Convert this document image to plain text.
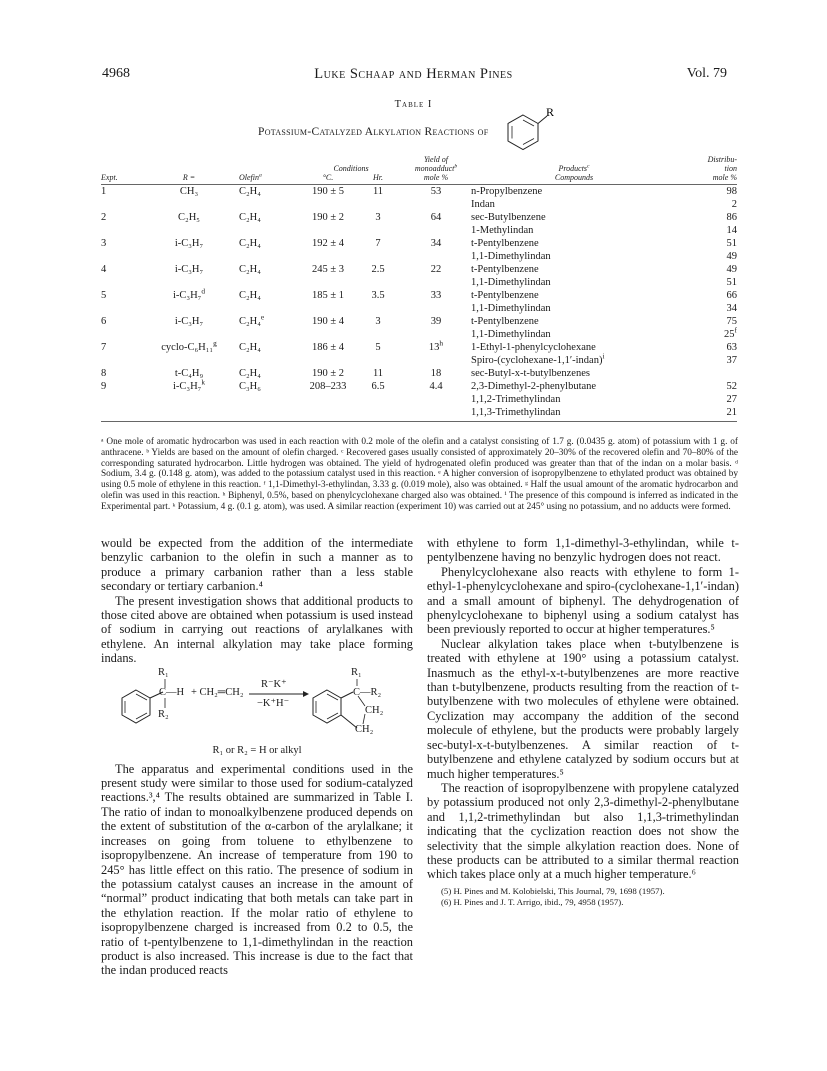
4968	Luke Schaap and Herman Pines	Vol. 79
Table I
Potassium-Catalyzed Alkylation Reactions of
R
			Conditions		Yield of
monoadduct$^b$	Products$^c$	Distribu-
tion
Expt.	R =	Olefin$^a$	°C.	Hr.	mole %	Compounds	mole %

1	CH₃	C₂H₄	190 ± 5	11	53	n-Propylbenzene	98
						Indan	2
2	C₂H₅	C₂H₄	190 ± 2	3	64	sec-Butylbenzene	86
						1-Methylindan	14
3	i-C₃H₇	C₂H₄	192 ± 4	7	34	t-Pentylbenzene	51
						1,1-Dimethylindan	49
4	i-C₃H₇	C₂H₄	245 ± 3	2.5	22	t-Pentylbenzene	49
						1,1-Dimethylindan	51
5	i-C₃H₇$^d$	C₂H₄	185 ± 1	3.5	33	t-Pentylbenzene	66
						1,1-Dimethylindan	34
6	i-C₃H₇	C₂H₄$^e$	190 ± 4	3	39	t-Pentylbenzene	75
						1,1-Dimethylindan	25$^f$
7	cyclo-C₆H₁₁$^g$	C₂H₄	186 ± 4	5	13$^h$	1-Ethyl-1-phenylcyclohexane	63
						Spiro-(cyclohexane-1,1′-indan)$^i$	37
8	t-C₄H₉	C₂H₄	190 ± 2	11	18	sec-Butyl-x-t-butylbenzenes	
9	i-C₃H₇$^k$	C₃H₆	208–233	6.5	4.4	2,3-Dimethyl-2-phenylbutane	52
						1,1,2-Trimethylindan	27
						1,1,3-Trimethylindan	21

ᵃ One mole of aromatic hydrocarbon was used in each reaction with 0.2 mole of the olefin and a catalyst consisting of 1.7 g. (0.0435 g. atom) of potassium with 1 g. of anthracene. ᵇ Yields are based on the amount of olefin charged. ᶜ Recovered gases usually consisted of approximately 20–30% of the recovered olefin and 70–80% of the corresponding saturated hydrocarbon. Little hydrogen was obtained. The yield of hydrogenated olefin produced was greater than that of the indan on a molar basis. ᵈ Sodium, 3.4 g. (0.148 g. atom), was added to the potassium catalyst used in this reaction. ᵉ A higher conversion of isopropylbenzene to ethylated product was obtained by using 0.5 mole of ethylene in this reaction. ᶠ 1,1-Dimethyl-3-ethylindan, 3.33 g. (0.019 mole), also was obtained. ᵍ Half the usual amount of the aromatic hydrocarbon and olefin was used in this reaction. ʰ Biphenyl, 0.5%, based on phenylcyclohexane charged also was obtained. ⁱ The presence of this compound is inferred as indicated in the Experimental part. ᵏ Potassium, 4 g. (0.1 g. atom), was used. A similar reaction (experiment 10) was carried out at 245° using no potassium, and no adducts were formed.

would be expected from the addition of the intermediate benzylic carbanion to the olefin in such a manner as to produce a primary carbanion rather than a less stable secondary or tertiary carbanion.⁴

The present investigation shows that additional products to those cited above are obtained when potassium is used instead of sodium in carrying out reactions of arylalkanes with ethylene. An internal alkylation may take place forming indans.

R₁
C—H
R₂
+ CH₂═CH₂
R⁻K⁺
−K⁺H⁻
R₁
C—R₂
CH₂
CH₂
R₁ or R₂ = H or alkyl

The apparatus and experimental conditions used in the present study were similar to those used for sodium-catalyzed reactions.³,⁴ The results obtained are summarized in Table I. The ratio of indan to monoalkylbenzene produced depends on the extent of substitution of the α-carbon of the arylalkane; it increases on going from toluene to ethylbenzene to isopropylbenzene. An increase of temperature from 190 to 245° has little effect on this ratio. The presence of sodium in the potassium catalyst causes an increase in the amount of “normal” product indicating that both metals can take part in the ethylation reaction. If the molar ratio of ethylene to isopropylbenzene charged is increased from 0.2 to 0.5, the ratio of t-pentylbenzene to 1,1-dimethylindan in the reaction product is also increased. This increase is due to the fact that the indan produced reacts

with ethylene to form 1,1-dimethyl-3-ethylindan, while t-pentylbenzene having no benzylic hydrogen does not react.

Phenylcyclohexane also reacts with ethylene to form 1-ethyl-1-phenylcyclohexane and spiro-(cyclohexane-1,1′-indan) and a small amount of biphenyl. The dehydrogenation of phenylcyclohexane to biphenyl using a sodium catalyst has been previously reported to occur at higher temperatures.⁵

Nuclear alkylation takes place when t-butylbenzene is treated with ethylene at 190° using a potassium catalyst. Inasmuch as the ethyl-x-t-butylbenzenes are more reactive than t-butylbenzene, products resulting from the reaction of t-butylbenzene with two molecules of ethylene were obtained. Cyclization may accompany the addition of the second molecule of ethylene, but the products were probably largely sec-butyl-x-t-butylbenzenes. A similar reaction of t-butylbenzene and ethylene catalyzed by sodium occurs but at much higher temperatures.⁵

The reaction of isopropylbenzene with propylene catalyzed by potassium produced not only 2,3-dimethyl-2-phenylbutane and 1,1,2-trimethylindan but also 1,1,3-trimethylindan indicating that the cyclization reaction does not show the selectivity that the simple alkylation reaction does. None of these products can be attributed to a similar thermal reaction which takes place only at a much higher temperature.⁶

(5) H. Pines and M. Kolobielski, This Journal, 79, 1698 (1957).
(6) H. Pines and J. T. Arrigo, ibid., 79, 4958 (1957).
